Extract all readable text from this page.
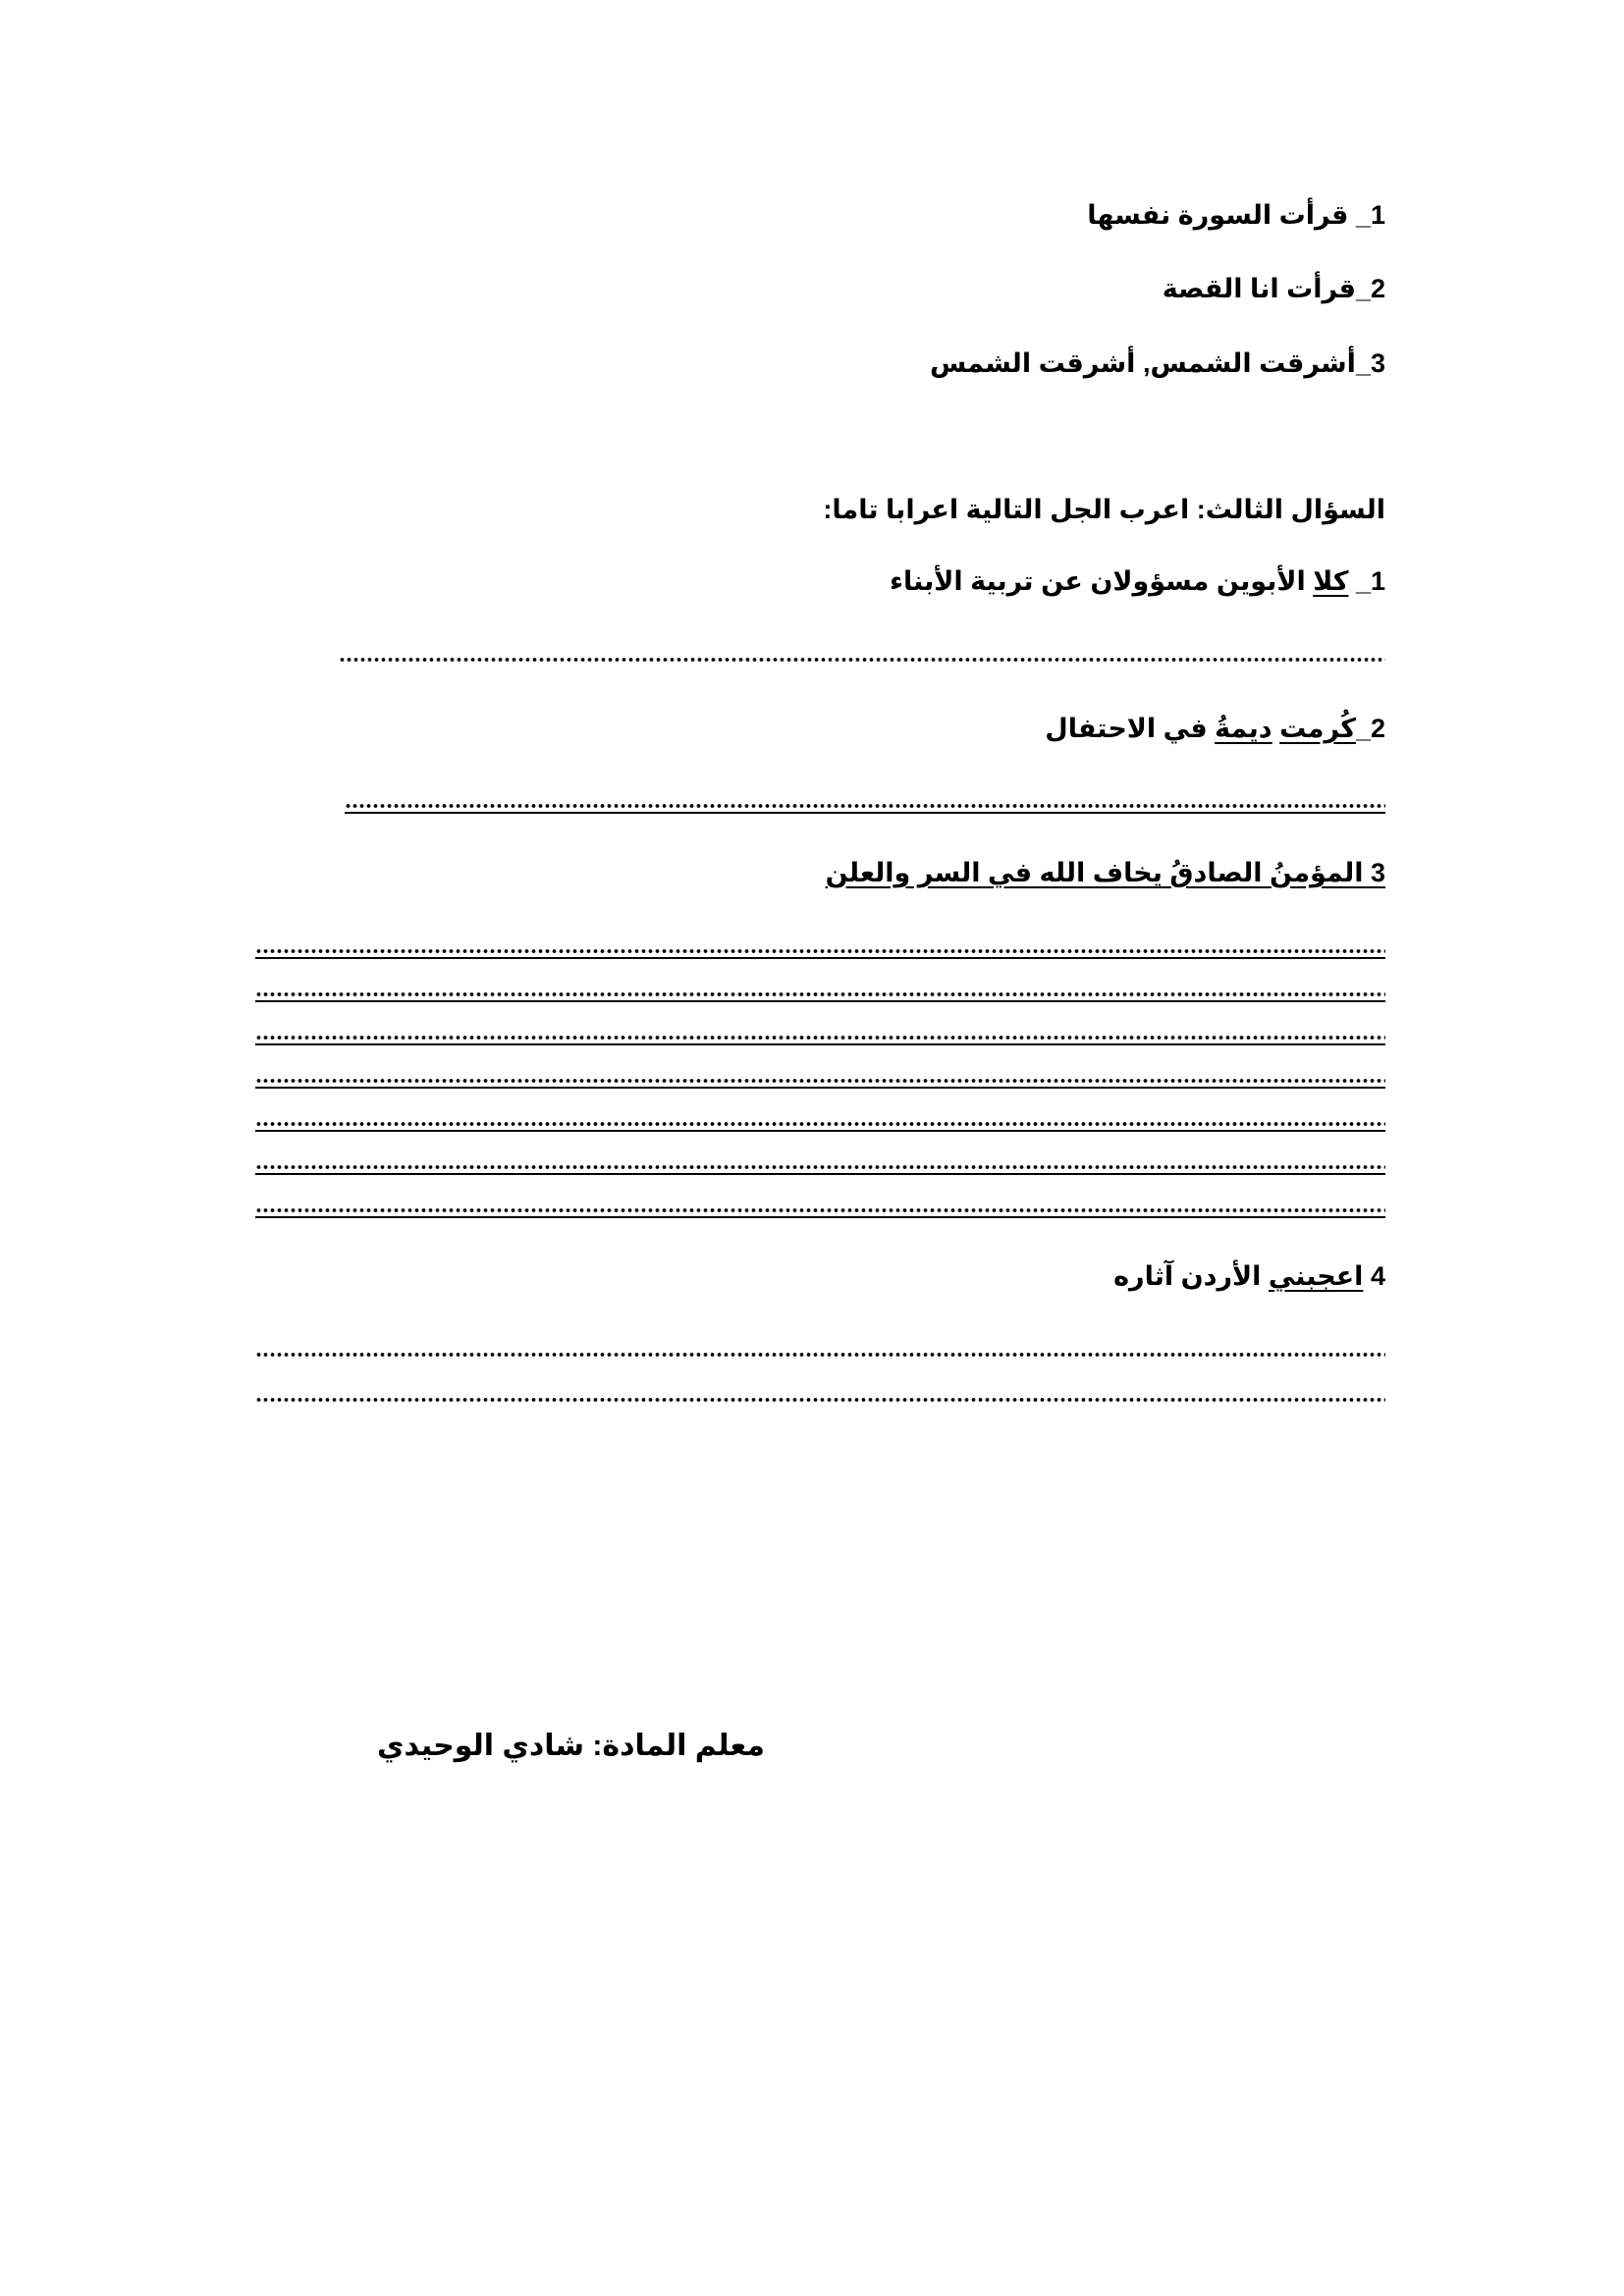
1_ قرأت السورة نفسها
2_قرأت انا القصة
3_أشرقت الشمس, أشرقت الشمس
السؤال الثالث: اعرب الجل التالية اعرابا تاما:
1_ كلا الأبوين مسؤولان عن تربية الأبناء
2_كُرمت ديمةُ في الاحتفال
3 المؤمنُ الصادقُ يخاف الله في السر والعلن
4 اعجبني الأردن آثاره
معلم المادة: شادي الوحيدي
